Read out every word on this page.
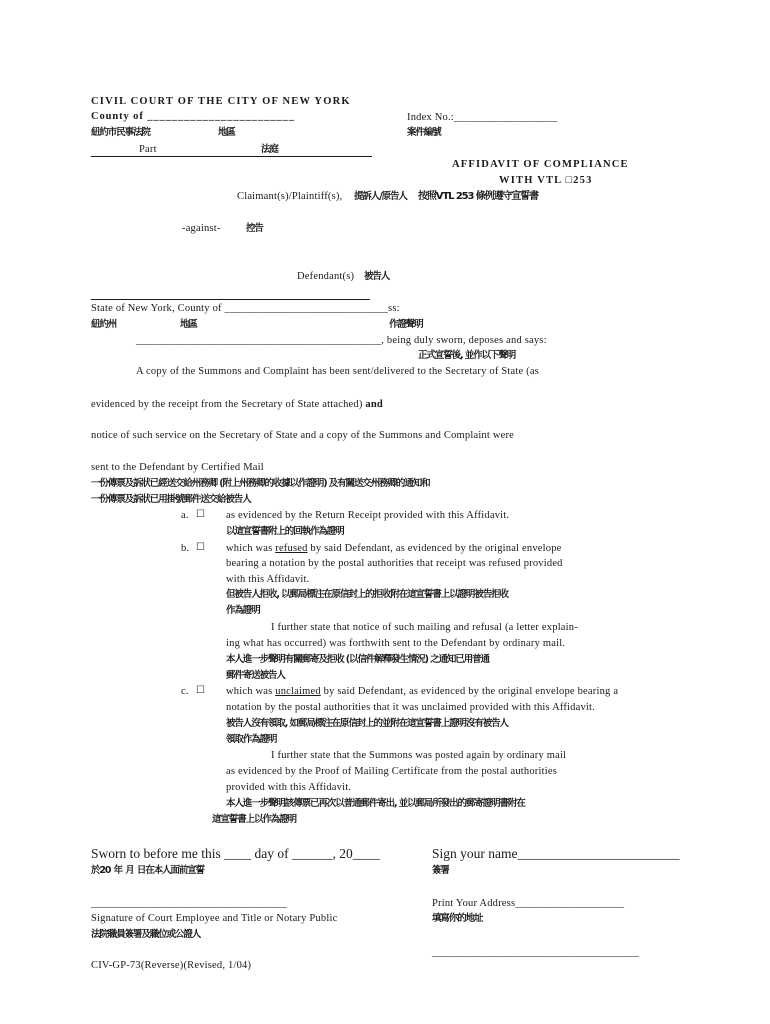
CIVIL COURT OF THE CITY OF NEW YORK
County of ________________________
紐約市民事法院	地區
Index No.:___________________
案件編號
Part	法庭
AFFIDAVIT OF COMPLIANCE
WITH VTL □253
Claimant(s)/Plaintiff(s), 提訴人/原告人 按照VTL 253 條例遵守宣誓書
-against-	控告
Defendant(s) 被告人
State of New York, County of ______________________________ss:
紐約州	地區	作證聲明
_____________________________________________, being duly sworn, deposes and says:
正式宣誓後, 並作以下聲明
A copy of the Summons and Complaint has been sent/delivered to the Secretary of State (as
evidenced by the receipt from the Secretary of State attached) and
notice of such service on the Secretary of State and a copy of the Summons and Complaint were
sent to the Defendant by Certified Mail
一份傳票及訴狀已經送交給州務卿 (附上州務卿的收據以作證明) 及有關送交州務卿的通知和
一份傳票及訴狀已用掛號郵件送交給被告人
a. ☐ as evidenced by the Return Receipt provided with this Affidavit.
以這宣誓書附上的回執作為證明
b. ☐ which was refused by said Defendant, as evidenced by the original envelope
bearing a notation by the postal authorities that receipt was refused provided
with this Affidavit.
但被告人拒收, 以郵局標注在原信封上的拒收附在這宣誓書上以證明被告拒收
作為證明
I further state that notice of such mailing and refusal (a letter explain-
ing what has occurred) was forthwith sent to the Defendant by ordinary mail.
本人進一步聲明有關郵寄及拒收 (以信件解釋發生情況) 之通知已用普通
郵件寄送被告人
c. ☐ which was unclaimed by said Defendant, as evidenced by the original envelope bearing a
notation by the postal authorities that it was unclaimed provided with this Affidavit.
被告人沒有領取, 如郵局標注在原信封上的並附在這宣誓書上證明沒有被告人
領取作為證明
I further state that the Summons was posted again by ordinary mail
as evidenced by the Proof of Mailing Certificate from the postal authorities
provided with this Affidavit.
本人進一步聲明該傳票已再次以普通郵件寄出, 並以郵局所發出的郵寄證明書附在
這宣誓書上以作為證明
Sworn to before me this ____ day of ______, 20____
於20 年 月 日在本人面前宣誓
Sign your name________________________
簽署
____________________________________	Print Your Address____________________
填寫你的地址
Signature of Court Employee and Title or Notary Public
法院職員簽署及職位或公證人
______________________________________
CIV-GP-73(Reverse)(Revised, 1/04)
